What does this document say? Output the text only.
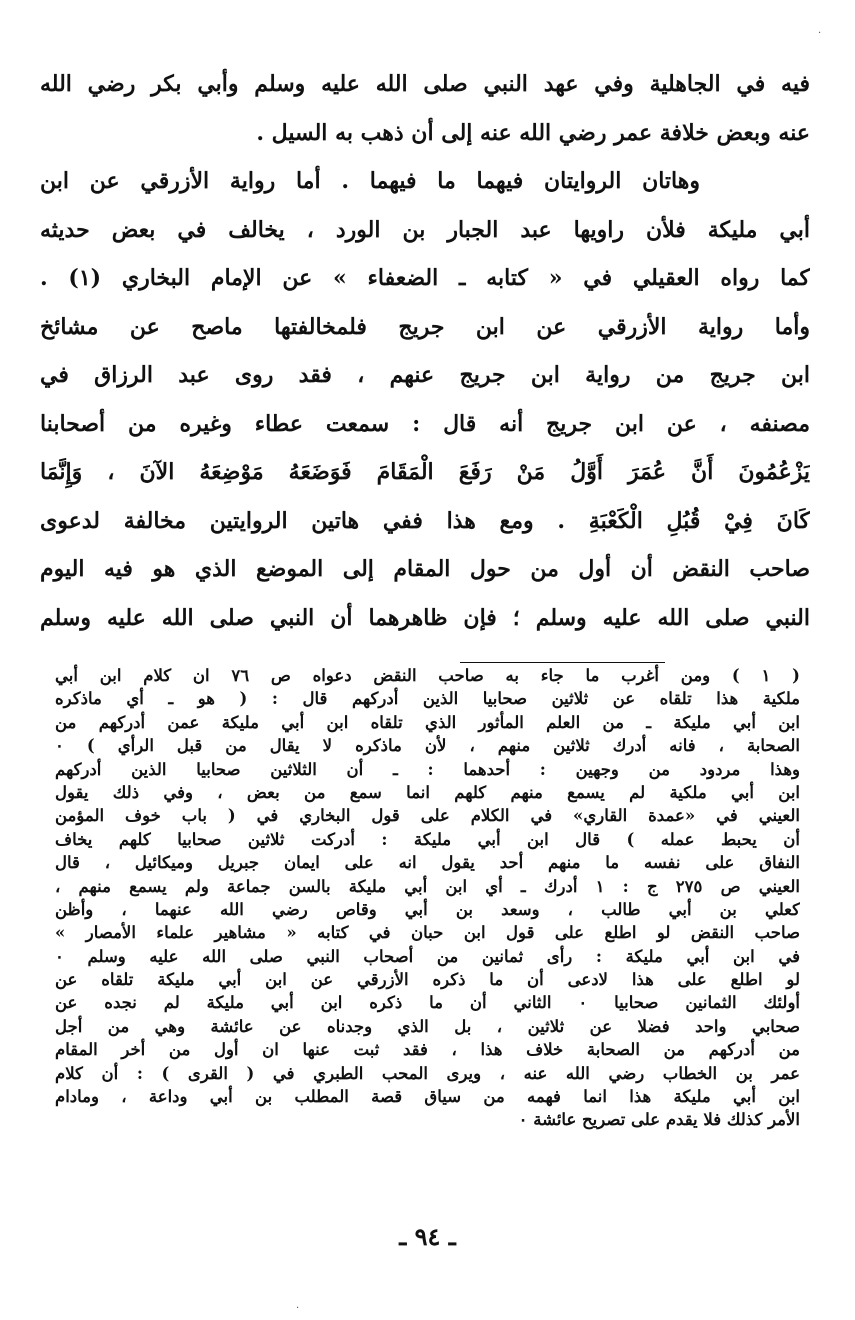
فيه في الجاهلية وفي عهد النبي صلى الله عليه وسلم وأبي بكر رضي الله
عنه وبعض خلافة عمر رضي الله عنه إلى أن ذهب به السيل .
وهاتان الروايتان فيهما ما فيهما . أما رواية الأزرقي عن ابن
أبي مليكة فلأن راويها عبد الجبار بن الورد ، يخالف في بعض حديثه
كما رواه العقيلي في « كتابه ـ الضعفاء » عن الإمام البخاري (١) .
وأما رواية الأزرقي عن ابن جريج فلمخالفتها ماصح عن مشائخ
ابن جريج من رواية ابن جريج عنهم ، فقد روى عبد الرزاق في
مصنفه ، عن ابن جريج أنه قال : سمعت عطاء وغيره من أصحابنا
يَزْعُمُونَ أَنَّ عُمَرَ أَوَّلُ مَنْ رَفَعَ الْمَقَامَ فَوَضَعَهُ مَوْضِعَهُ الآنَ ، وَإِنَّمَا
كَانَ فِيْ قُبُلِ الْكَعْبَةِ . ومع هذا ففي هاتين الروايتين مخالفة لدعوى
صاحب النقض أن أول من حول المقام إلى الموضع الذي هو فيه اليوم
النبي صلى الله عليه وسلم ؛ فإن ظاهرهما أن النبي صلى الله عليه وسلم
( ١ ) ومن أغرب ما جاء به صاحب النقض دعواه ص ٧٦ ان كلام ابن أبي
ملكية هذا تلقاه عن ثلاثين صحابيا الذين أدركهم قال : ( هو ـ أي ماذكره
ابن أبي مليكة ـ من العلم المأثور الذي تلقاه ابن أبي مليكة عمن أدركهم من
الصحابة ، فانه أدرك ثلاثين منهم ، لأن ماذكره لا يقال من قبل الرأي ) ٠
وهذا مردود من وجهين : أحدهما : ـ أن الثلاثين صحابيا الذين أدركهم
ابن أبي ملكية لم يسمع منهم كلهم انما سمع من بعض ، وفي ذلك يقول
العيني في «عمدة القاري» في الكلام على قول البخاري في ( باب خوف المؤمن
أن يحبط عمله ) قال ابن أبي مليكة : أدركت ثلاثين صحابيا كلهم يخاف
النفاق على نفسه ما منهم أحد يقول انه على ايمان جبريل وميكائيل ، قال
العيني ص ٢٧٥ ج : ١ أدرك ـ أي ابن أبي مليكة بالسن جماعة ولم يسمع منهم ،
كعلي بن أبي طالب ، وسعد بن أبي وقاص رضي الله عنهما ، وأظن
صاحب النقض لو اطلع على قول ابن حبان في كتابه « مشاهير علماء الأمصار »
في ابن أبي مليكة : رأى ثمانين من أصحاب النبي صلى الله عليه وسلم ٠
لو اطلع على هذا لادعى أن ما ذكره الأزرقي عن ابن أبي مليكة تلقاه عن
أولئك الثمانين صحابيا ٠ الثاني أن ما ذكره ابن أبي مليكة لم نجده عن
صحابي واحد فضلا عن ثلاثين ، بل الذي وجدناه عن عائشة وهي من أجل
من أدركهم من الصحابة خلاف هذا ، فقد ثبت عنها ان أول من أخر المقام
عمر بن الخطاب رضي الله عنه ، ويرى المحب الطبري في ( القرى ) : أن كلام
ابن أبي مليكة هذا انما فهمه من سياق قصة المطلب بن أبي وداعة ، ومادام
الأمر كذلك فلا يقدم على تصريح عائشة ٠
ـ ٩٤ ـ
·
·
